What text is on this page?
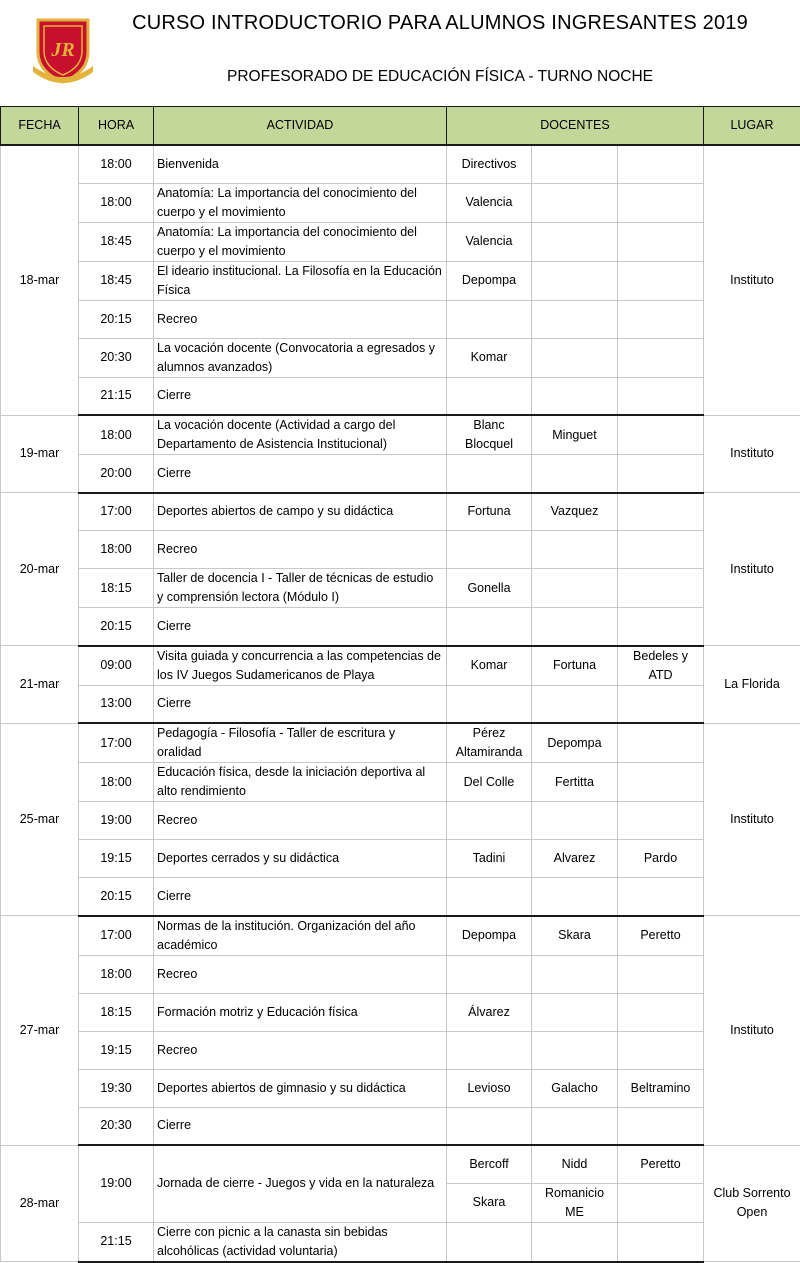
JR
CURSO INTRODUCTORIO PARA ALUMNOS INGRESANTES 2019
PROFESORADO DE EDUCACIÓN FÍSICA - TURNO NOCHE
FECHA	HORA	ACTIVIDAD	DOCENTES			LUGAR
18-mar	18:00	Bienvenida	Directivos			Instituto
	18:00	Anatomía: La importancia del conocimiento del cuerpo y el movimiento	Valencia			
	18:45	Anatomía: La importancia del conocimiento del cuerpo y el movimiento	Valencia			
	18:45	El ideario institucional. La Filosofía en la Educación Física	Depompa			
	20:15	Recreo				
	20:30	La vocación docente (Convocatoria a egresados y alumnos avanzados)	Komar			
	21:15	Cierre				
19-mar	18:00	La vocación docente (Actividad a cargo del Departamento de Asistencia Institucional)	Blanc Blocquel	Minguet		Instituto
	20:00	Cierre				
20-mar	17:00	Deportes abiertos de campo y su didáctica	Fortuna	Vazquez		Instituto
	18:00	Recreo				
	18:15	Taller de docencia I - Taller de técnicas de estudio y comprensión lectora (Módulo I)	Gonella			
	20:15	Cierre				
21-mar	09:00	Visita guiada y concurrencia a las competencias de los IV Juegos Sudamericanos de Playa	Komar	Fortuna	Bedeles y ATD	La Florida
	13:00	Cierre				
25-mar	17:00	Pedagogía - Filosofía - Taller de escritura y oralidad	Pérez Altamiranda	Depompa		Instituto
	18:00	Educación física, desde la iniciación deportiva al alto rendimiento	Del Colle	Fertitta		
	19:00	Recreo				
	19:15	Deportes cerrados y su didáctica	Tadini	Alvarez	Pardo	
	20:15	Cierre				
27-mar	17:00	Normas de la institución. Organización del año académico	Depompa	Skara	Peretto	Instituto
	18:00	Recreo				
	18:15	Formación motriz y Educación física	Álvarez			
	19:15	Recreo				
	19:30	Deportes abiertos de gimnasio y su didáctica	Levioso	Galacho	Beltramino	
	20:30	Cierre				
28-mar	19:00	Jornada de cierre - Juegos y vida en la naturaleza	Bercoff	Nidd	Peretto	Club Sorrento Open
			Skara	Romanicio ME		
	21:15	Cierre con picnic a la canasta sin bebidas alcohólicas (actividad voluntaria)				
